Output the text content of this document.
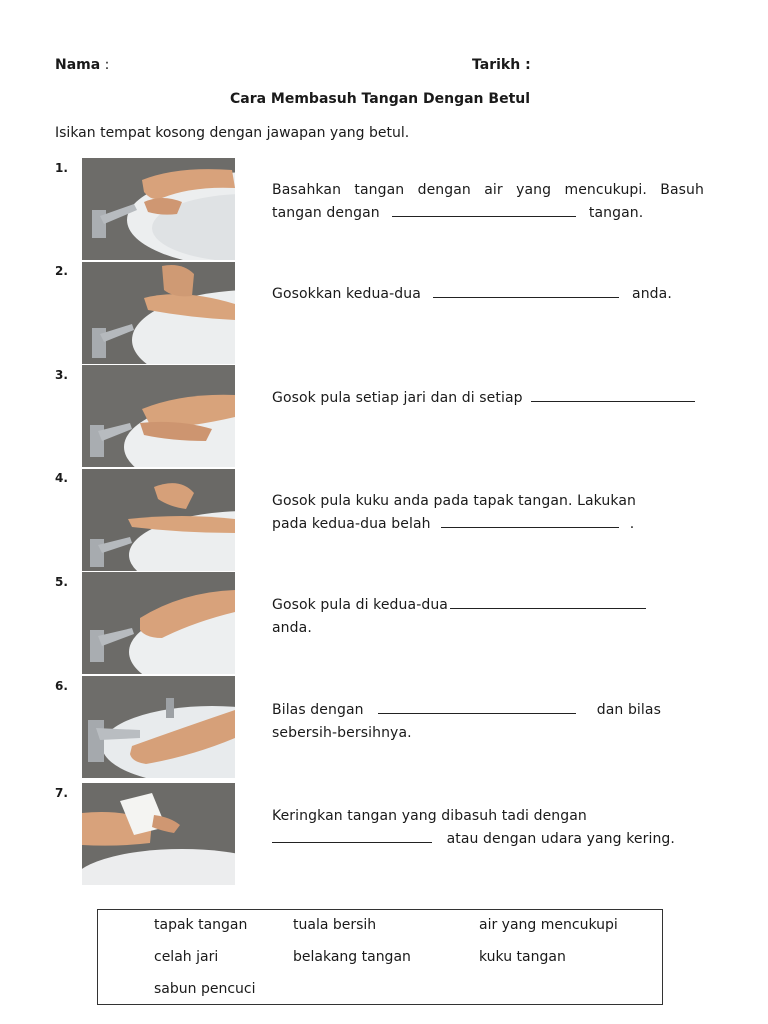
Nama :	Tarikh :
Cara Membasuh Tangan Dengan Betul
Isikan tempat kosong dengan jawapan yang betul.
1.
2.
3.
4.
5.
6.
7.
Basahkan tangan dengan air yang mencukupi. Basuh
tangan dengan	tangan.
Gosokkan kedua-dua	anda.
Gosok pula setiap jari dan di setiap
Gosok pula kuku anda pada tapak tangan. Lakukan
pada kedua-dua belah	.
Gosok pula di kedua-dua
anda.
Bilas dengan	dan bilas
sebersih-bersihnya.
Keringkan tangan yang dibasuh tadi dengan
atau dengan udara yang kering.
tapak tangan	tuala bersih	air yang mencukupi
celah jari	belakang tangan	kuku tangan
sabun pencuci
